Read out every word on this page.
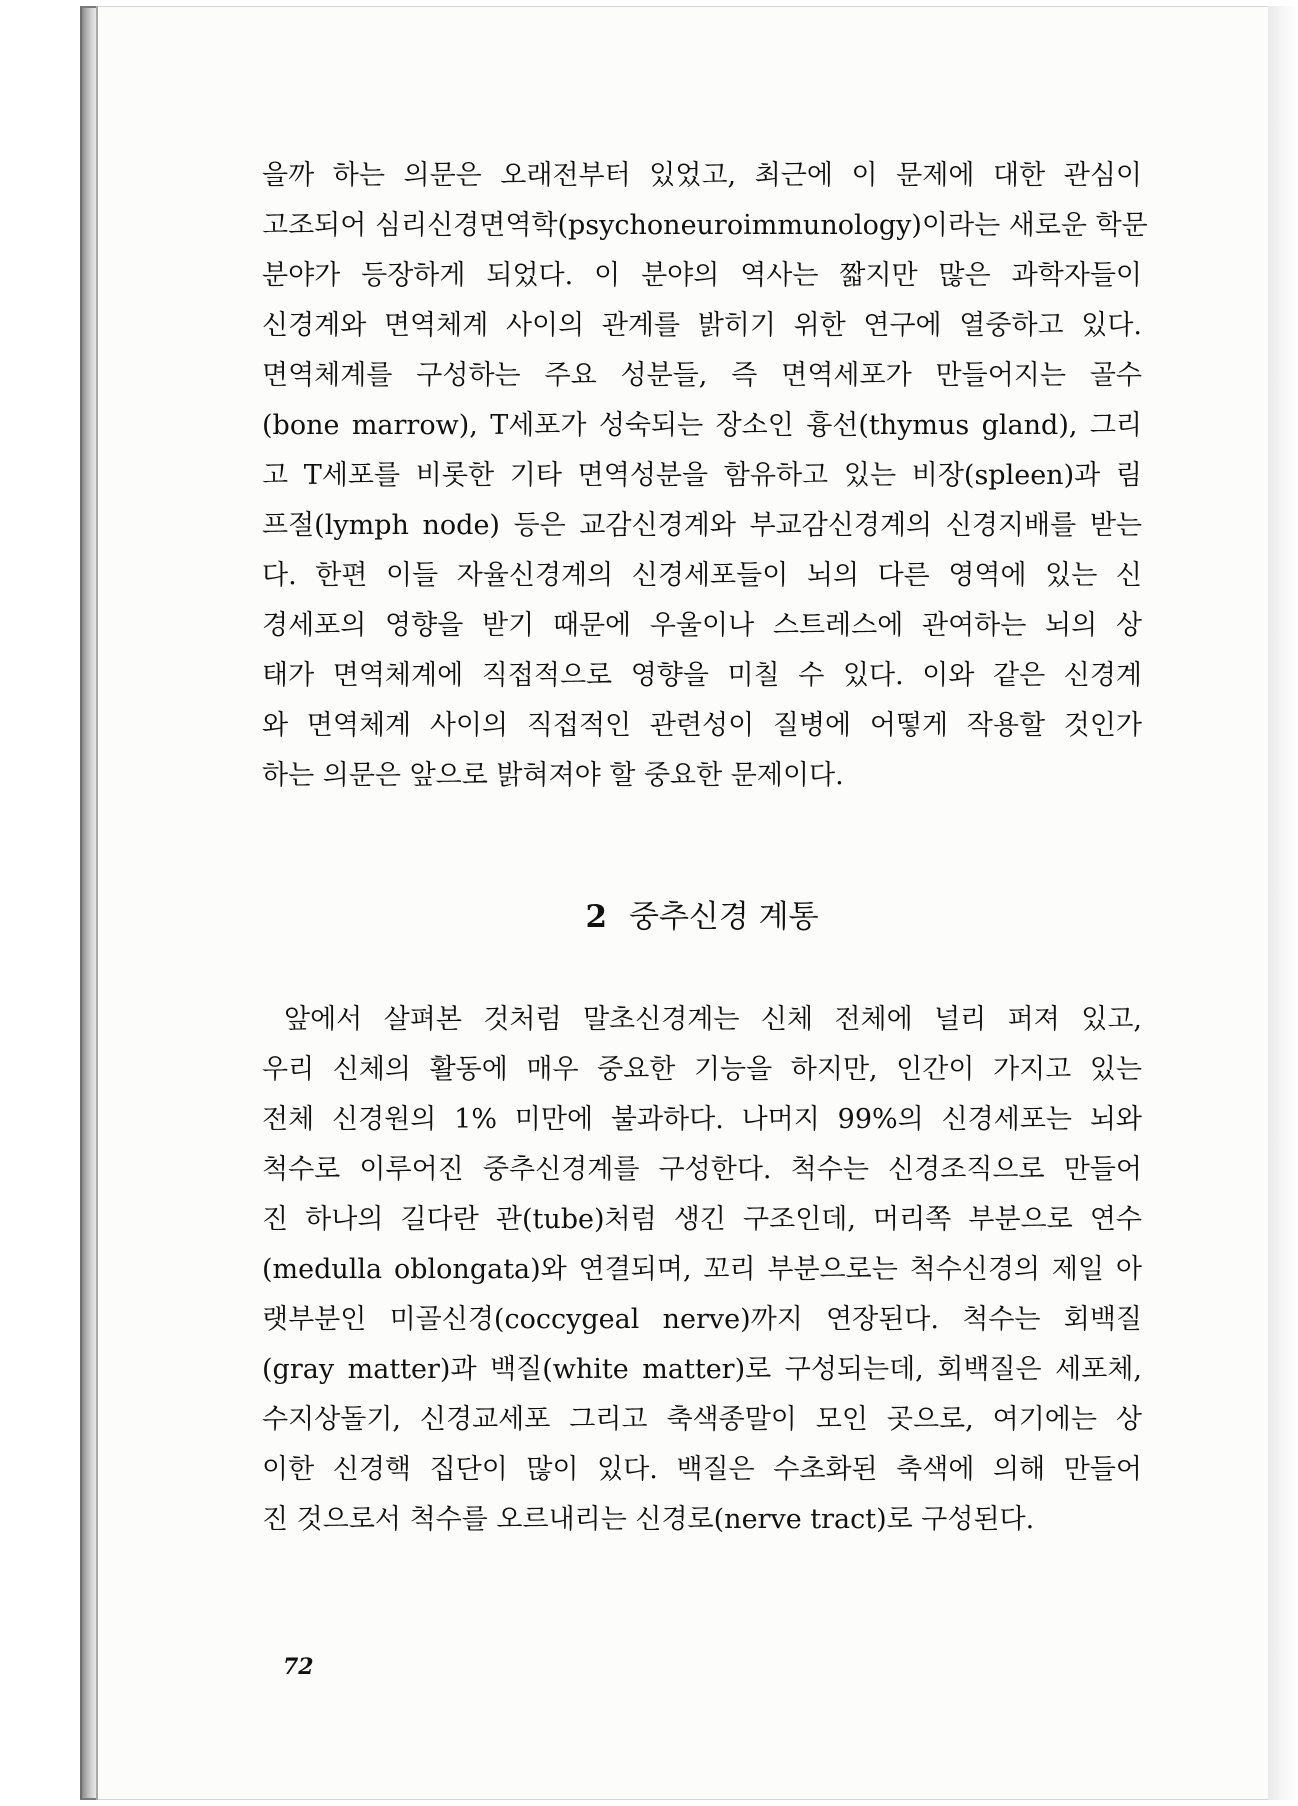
을까 하는 의문은 오래전부터 있었고, 최근에 이 문제에 대한 관심이
고조되어 심리신경면역학(psychoneuroimmunology)이라는 새로운 학문
분야가 등장하게 되었다. 이 분야의 역사는 짧지만 많은 과학자들이
신경계와 면역체계 사이의 관계를 밝히기 위한 연구에 열중하고 있다.
면역체계를 구성하는 주요 성분들, 즉 면역세포가 만들어지는 골수
(bone marrow), T세포가 성숙되는 장소인 흉선(thymus gland), 그리
고 T세포를 비롯한 기타 면역성분을 함유하고 있는 비장(spleen)과 림
프절(lymph node) 등은 교감신경계와 부교감신경계의 신경지배를 받는
다. 한편 이들 자율신경계의 신경세포들이 뇌의 다른 영역에 있는 신
경세포의 영향을 받기 때문에 우울이나 스트레스에 관여하는 뇌의 상
태가 면역체계에 직접적으로 영향을 미칠 수 있다. 이와 같은 신경계
와 면역체계 사이의 직접적인 관련성이 질병에 어떻게 작용할 것인가
하는 의문은 앞으로 밝혀져야 할 중요한 문제이다.
2 중추신경 계통
앞에서 살펴본 것처럼 말초신경계는 신체 전체에 널리 퍼져 있고,
우리 신체의 활동에 매우 중요한 기능을 하지만, 인간이 가지고 있는
전체 신경원의 1% 미만에 불과하다. 나머지 99%의 신경세포는 뇌와
척수로 이루어진 중추신경계를 구성한다. 척수는 신경조직으로 만들어
진 하나의 길다란 관(tube)처럼 생긴 구조인데, 머리쪽 부분으로 연수
(medulla oblongata)와 연결되며, 꼬리 부분으로는 척수신경의 제일 아
랫부분인 미골신경(coccygeal nerve)까지 연장된다. 척수는 회백질
(gray matter)과 백질(white matter)로 구성되는데, 회백질은 세포체,
수지상돌기, 신경교세포 그리고 축색종말이 모인 곳으로, 여기에는 상
이한 신경핵 집단이 많이 있다. 백질은 수초화된 축색에 의해 만들어
진 것으로서 척수를 오르내리는 신경로(nerve tract)로 구성된다.
72
